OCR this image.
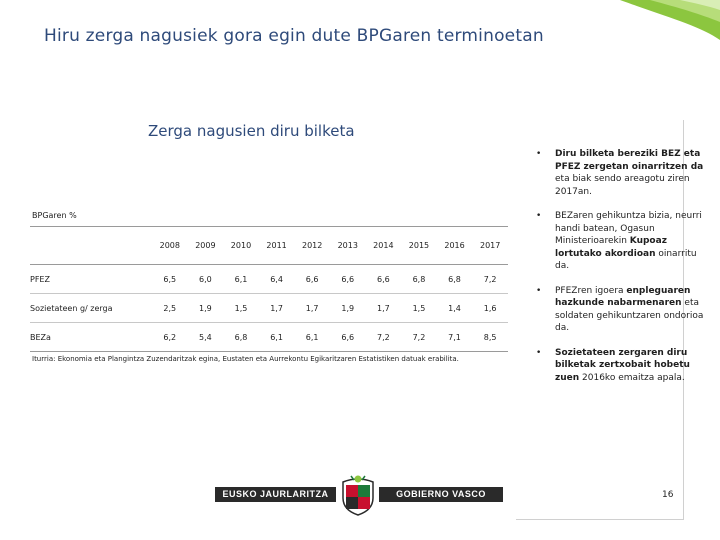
Hiru zerga nagusiek gora egin dute BPGaren terminoetan
Zerga nagusien diru bilketa
BPGaren %
	2008	2009	2010	2011	2012	2013	2014	2015	2016	2017
PFEZ	6,5	6,0	6,1	6,4	6,6	6,6	6,6	6,8	6,8	7,2
Sozietateen g/ zerga	2,5	1,9	1,5	1,7	1,7	1,9	1,7	1,5	1,4	1,6
BEZa	6,2	5,4	6,8	6,1	6,1	6,6	7,2	7,2	7,1	8,5
Iturria: Ekonomia eta Plangintza Zuzendaritzak egina, Eustaten eta Aurrekontu Egikaritzaren Estatistiken datuak erabilita.
• Diru bilketa bereziki BEZ eta PFEZ zergetan oinarritzen da eta biak sendo areagotu ziren 2017an.
• BEZaren gehikuntza bizia, neurri handi batean, Ogasun Ministerioarekin Kupoaz lortutako akordioan oinarritu da.
• PFEZren igoera enpleguaren hazkunde nabarmenaren eta soldaten gehikuntzaren ondorioa da.
• Sozietateen zergaren diru bilketak zertxobait hobetu zuen 2016ko emaitza apala.
EUSKO JAURLARITZA	GOBIERNO VASCO	16
